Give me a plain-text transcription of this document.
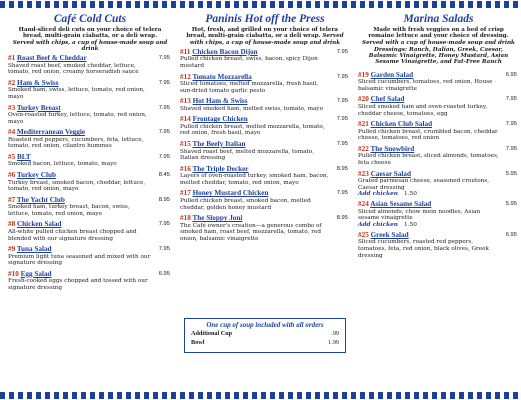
Café Cold Cuts
Hand-sliced deli cuts on your choice of telera bread, multi-grain ciabatta, or a deli wrap. Served with chips, a cup of house-made soup and drink
#1 Roast Beef & Cheddar
Shaved roast beef, smoked cheddar, lettuce, tomato, red onion, creamy horseradish sauce
7.95
#2 Ham & Swiss
Smoked ham, swiss, lettuce, tomato, red onion, mayo
7.95
#3 Turkey Breast
Oven-roasted turkey, lettuce, tomato, red onion, mayo
7.95
#4 Mediterranean Veggie
Roasted red peppers, cucumbers, feta, lettuce, tomato, red onion, cilantro hummus
7.95
#5 BLT
Smoked bacon, lettuce, tomato, mayo
7.95
#6 Turkey Club
Turkey breast, smoked bacon, cheddar, lettuce, tomato, red onion, mayo
8.45
#7 The Yacht Club
Smoked ham, turkey breast, bacon, swiss, lettuce, tomato, red onion, mayo
8.95
#8 Chicken Salad
All-white pulled chicken breast chopped and blended with our signature dressing
7.95
#9 Tuna Salad
Premium light tuna seasoned and mixed with our signature dressing
7.95
#10 Egg Salad
Fresh-cooked eggs chopped and tossed with our signature dressing
6.95
Paninis Hot off the Press
Hot, fresh, and grilled on your choice of telera bread, multi-grain ciabatta, or a deli wrap. Served with chips, a cup of house-made soup and drink
#11 Chicken Bacon Dijon
Pulled chicken breast, swiss, bacon, spicy Dijon mustard
7.95
#12 Tomato Mozzarella
Sliced tomatoes, melted mozzarella, fresh basil, sun-dried tomato garlic pesto
7.95
#13 Hot Ham & Swiss
Shaved smoked ham, melted swiss, tomato, mayo
7.95
#14 Frontage Chicken
Pulled chicken breast, melted mozzarella, tomato, red onion, fresh basil, mayo
7.95
#15 The Beefy Italian
Shaved roast beef, melted mozzarella, tomato, Italian dressing
7.95
#16 The Triple Decker
Layers of oven-roasted turkey, smoked ham, bacon, melted cheddar, tomato, red onion, mayo
8.95
#17 Honey Mustard Chicken
Pulled chicken breast, smoked bacon, melted cheddar, golden honey mustard
7.95
#18 The Sloppy Joni
The Café owner's creation—a generous combo of smoked ham, roast beef, mozzarella, tomato, red onion, balsamic vinaigrette
8.95
One cup of soup included with all orders
Additional Cup	.99
Bowl	1.99
Marina Salads
Made with fresh veggies on a bed of crisp romaine lettuce and your choice of dressing. Served with a cup of house-made soup and drink
Dressings: Ranch, Italian, Greek, Caesar, Balsamic Vinaigrette, Honey Mustard, Asian Sesame Vinaigrette, and Fat-Free Ranch
#19 Garden Salad
Sliced cucumbers, tomatoes, red onion, House balsamic vinaigrette
6.95
#20 Chef Salad
Sliced smoked ham and oven-roasted turkey, cheddar cheese, tomatoes, egg
7.95
#21 Chicken Club Salad
Pulled chicken breast, crumbled bacon, cheddar cheese, tomatoes, red onion
7.95
#22 The Snowbird
Pulled chicken breast, sliced almonds, tomatoes, feta cheese
7.95
#23 Caesar Salad
Grated parmesan cheese, seasoned croutons, Caesar dressing
5.95
Add chicken 1.50
#24 Asian Sesame Salad
Sliced almonds, chow mein noodles, Asian sesame vinaigrette
5.95
Add chicken 1.50
#25 Greek Salad
Sliced cucumbers, roasted red peppers, tomatoes, feta, red onion, black olives, Greek dressing
6.95
